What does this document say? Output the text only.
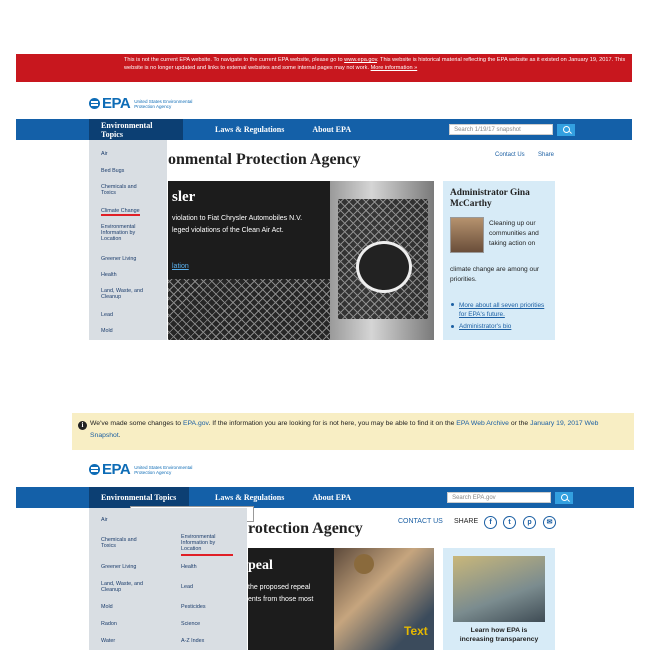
This is not the current EPA website. To navigate to the current EPA website, please go to www.epa.gov. This website is historical material reflecting the EPA website as it existed on January 19, 2017. This website is no longer updated and links to external websites and some internal pages may not work. More information »
EPA United States Environmental Protection Agency
Environmental Topics	Laws & Regulations	About EPA	Search 1/19/17 snapshot
Air
Bed Bugs
Chemicals and Toxics
Climate Change
Environmental Information by Location
Greener Living
Health
Land, Waste, and Cleanup
Lead
Mold
onmental Protection Agency	Contact Us Share
sler
violation to Fiat Chrysler Automobiles N.V.
leged violations of the Clean Air Act.
lation
Administrator Gina McCarthy
Cleaning up our communities and taking action on
climate change are among our priorities.
More about all seven priorities for EPA's future.
Administrator's bio
i We've made some changes to EPA.gov. If the information you are looking for is not here, you may be able to find it on the EPA Web Archive or the January 19, 2017 Web Snapshot.
EPA United States Environmental Protection Agency
Environmental Topics	Laws & Regulations	About EPA	Search EPA.gov
Air
Chemicals and Toxics
Greener Living
Land, Waste, and Cleanup
Mold
Radon
Water
Environmental Information by Location
Health
Lead
Pesticides
Science
A-Z Index
rotection Agency	CONTACT US SHARE	f	t	p	✉
peal
the proposed repeal
ents from those most
Text	Learn how EPA is increasing transparency
